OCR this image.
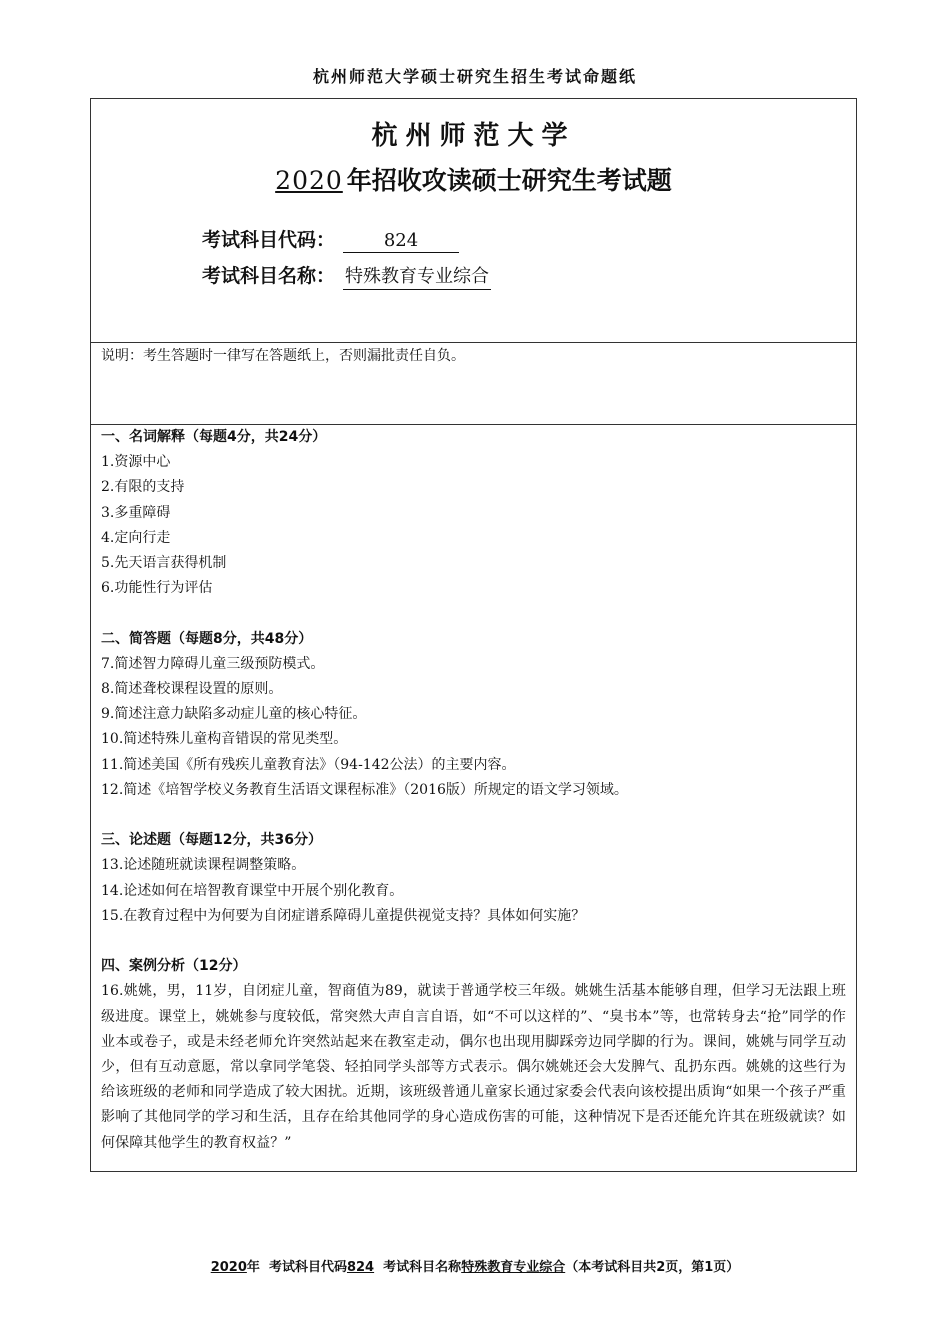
杭州师范大学硕士研究生招生考试命题纸
杭州师范大学
2020 年招收攻读硕士研究生考试题
考试科目代码：	824
考试科目名称： 特殊教育专业综合
说明：考生答题时一律写在答题纸上，否则漏批责任自负。
一、名词解释（每题4分，共24分）
1.资源中心
2.有限的支持
3.多重障碍
4.定向行走
5.先天语言获得机制
6.功能性行为评估
二、简答题（每题8分，共48分）
7.简述智力障碍儿童三级预防模式。
8.简述聋校课程设置的原则。
9.简述注意力缺陷多动症儿童的核心特征。
10.简述特殊儿童构音错误的常见类型。
11.简述美国《所有残疾儿童教育法》（94-142公法）的主要内容。
12.简述《培智学校义务教育生活语文课程标准》（2016版）所规定的语文学习领域。
三、论述题（每题12分，共36分）
13.论述随班就读课程调整策略。
14.论述如何在培智教育课堂中开展个别化教育。
15.在教育过程中为何要为自闭症谱系障碍儿童提供视觉支持？具体如何实施？
四、案例分析（12分）
16.姚姚，男，11岁，自闭症儿童，智商值为89，就读于普通学校三年级。姚姚生活基本能够自理，但学习无法跟上班级进度。课堂上，姚姚参与度较低，常突然大声自言自语，如“不可以这样的”、“臭书本”等，也常转身去“抢”同学的作业本或卷子，或是未经老师允许突然站起来在教室走动，偶尔也出现用脚踩旁边同学脚的行为。课间，姚姚与同学互动少，但有互动意愿，常以拿同学笔袋、轻拍同学头部等方式表示。偶尔姚姚还会大发脾气、乱扔东西。姚姚的这些行为给该班级的老师和同学造成了较大困扰。近期，该班级普通儿童家长通过家委会代表向该校提出质询“如果一个孩子严重影响了其他同学的学习和生活，且存在给其他同学的身心造成伤害的可能，这种情况下是否还能允许其在班级就读？如何保障其他学生的教育权益？”
2020年 考试科目代码824 考试科目名称特殊教育专业综合（本考试科目共2页，第1页）
